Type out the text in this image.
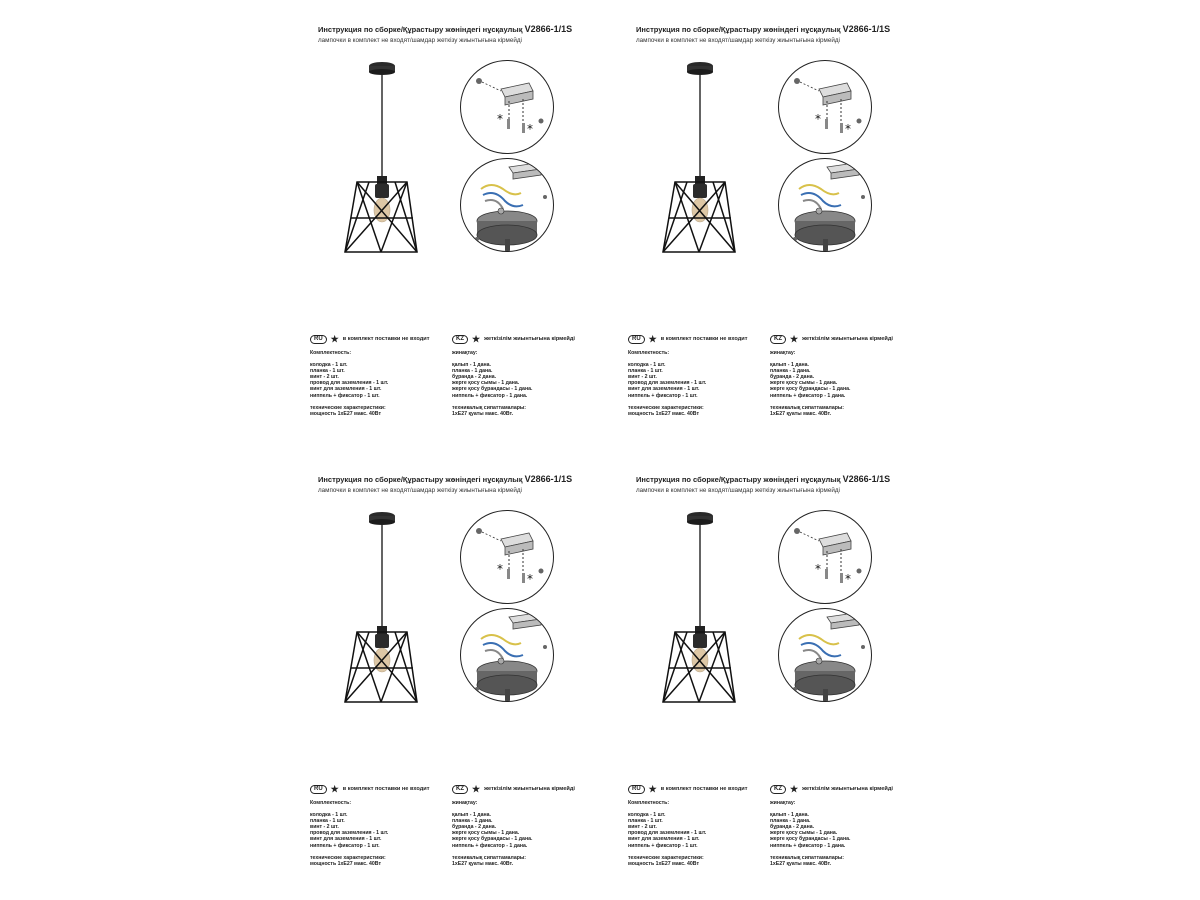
Инструкция по сборке/Құрастыру жөніндегі нұсқаулық V2866-1/1S
лампочки в комплект не входят/шамдар жеткізу жиынтығына кірмейді
*
*
RU ★ в комплект поставки не входит
Комплектность:
колодка - 1 шт.
планка - 1 шт.
винт - 2 шт.
провод для заземления - 1 шт.
винт для заземления - 1 шт.
ниппель + фиксатор - 1 шт.
технические характеристики:
мощность 1хЕ27 макс. 40Вт
KZ ★ жеткізілім жиынтығына кірмейді
жинақтау:
қалып - 1 дана.
планка - 1 дана.
бұранда - 2 дана.
жерге қосу сымы - 1 дана.
жерге қосу бұрандасы - 1 дана.
ниппель + фиксатор - 1 дана.
техникалық сипаттамалары:
1хЕ27 қуаты макс. 40Вт.
Инструкция по сборке/Құрастыру жөніндегі нұсқаулық V2866-1/1S
лампочки в комплект не входят/шамдар жеткізу жиынтығына кірмейді
*
*
RU ★ в комплект поставки не входит
Комплектность:
колодка - 1 шт.
планка - 1 шт.
винт - 2 шт.
провод для заземления - 1 шт.
винт для заземления - 1 шт.
ниппель + фиксатор - 1 шт.
технические характеристики:
мощность 1хЕ27 макс. 40Вт
KZ ★ жеткізілім жиынтығына кірмейді
жинақтау:
қалып - 1 дана.
планка - 1 дана.
бұранда - 2 дана.
жерге қосу сымы - 1 дана.
жерге қосу бұрандасы - 1 дана.
ниппель + фиксатор - 1 дана.
техникалық сипаттамалары:
1хЕ27 қуаты макс. 40Вт.
Инструкция по сборке/Құрастыру жөніндегі нұсқаулық V2866-1/1S
лампочки в комплект не входят/шамдар жеткізу жиынтығына кірмейді
*
*
RU ★ в комплект поставки не входит
Комплектность:
колодка - 1 шт.
планка - 1 шт.
винт - 2 шт.
провод для заземления - 1 шт.
винт для заземления - 1 шт.
ниппель + фиксатор - 1 шт.
технические характеристики:
мощность 1хЕ27 макс. 40Вт
KZ ★ жеткізілім жиынтығына кірмейді
жинақтау:
қалып - 1 дана.
планка - 1 дана.
бұранда - 2 дана.
жерге қосу сымы - 1 дана.
жерге қосу бұрандасы - 1 дана.
ниппель + фиксатор - 1 дана.
техникалық сипаттамалары:
1хЕ27 қуаты макс. 40Вт.
Инструкция по сборке/Құрастыру жөніндегі нұсқаулық V2866-1/1S
лампочки в комплект не входят/шамдар жеткізу жиынтығына кірмейді
*
*
RU ★ в комплект поставки не входит
Комплектность:
колодка - 1 шт.
планка - 1 шт.
винт - 2 шт.
провод для заземления - 1 шт.
винт для заземления - 1 шт.
ниппель + фиксатор - 1 шт.
технические характеристики:
мощность 1хЕ27 макс. 40Вт
KZ ★ жеткізілім жиынтығына кірмейді
жинақтау:
қалып - 1 дана.
планка - 1 дана.
бұранда - 2 дана.
жерге қосу сымы - 1 дана.
жерге қосу бұрандасы - 1 дана.
ниппель + фиксатор - 1 дана.
техникалық сипаттамалары:
1хЕ27 қуаты макс. 40Вт.
